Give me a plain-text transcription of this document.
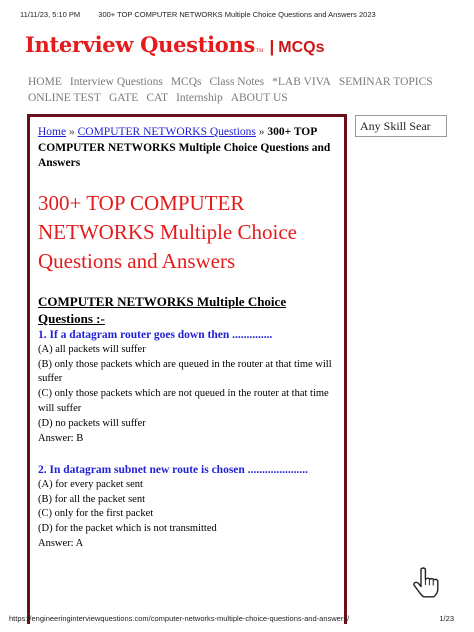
11/11/23, 5:10 PM	300+ TOP COMPUTER NETWORKS Multiple Choice Questions and Answers 2023
Interview Questions TM | MCQs
HOME Interview Questions MCQs Class Notes *LAB VIVA SEMINAR TOPICS
ONLINE TEST GATE CAT Internship ABOUT US
Home » COMPUTER NETWORKS Questions » 300+ TOP COMPUTER NETWORKS Multiple Choice Questions and Answers
300+ TOP COMPUTER NETWORKS Multiple Choice Questions and Answers
COMPUTER NETWORKS Multiple Choice Questions :-
1. If a datagram router goes down then ..............
(A) all packets will suffer
(B) only those packets which are queued in the router at that time will suffer
(C) only those packets which are not queued in the router at that time will suffer
(D) no packets will suffer
Answer: B
2. In datagram subnet new route is chosen .....................
(A) for every packet sent
(B) for all the packet sent
(C) only for the first packet
(D) for the packet which is not transmitted
Answer: A
Any Skill Sear
https://engineeringinterviewquestions.com/computer-networks-multiple-choice-questions-and-answers/	1/23
